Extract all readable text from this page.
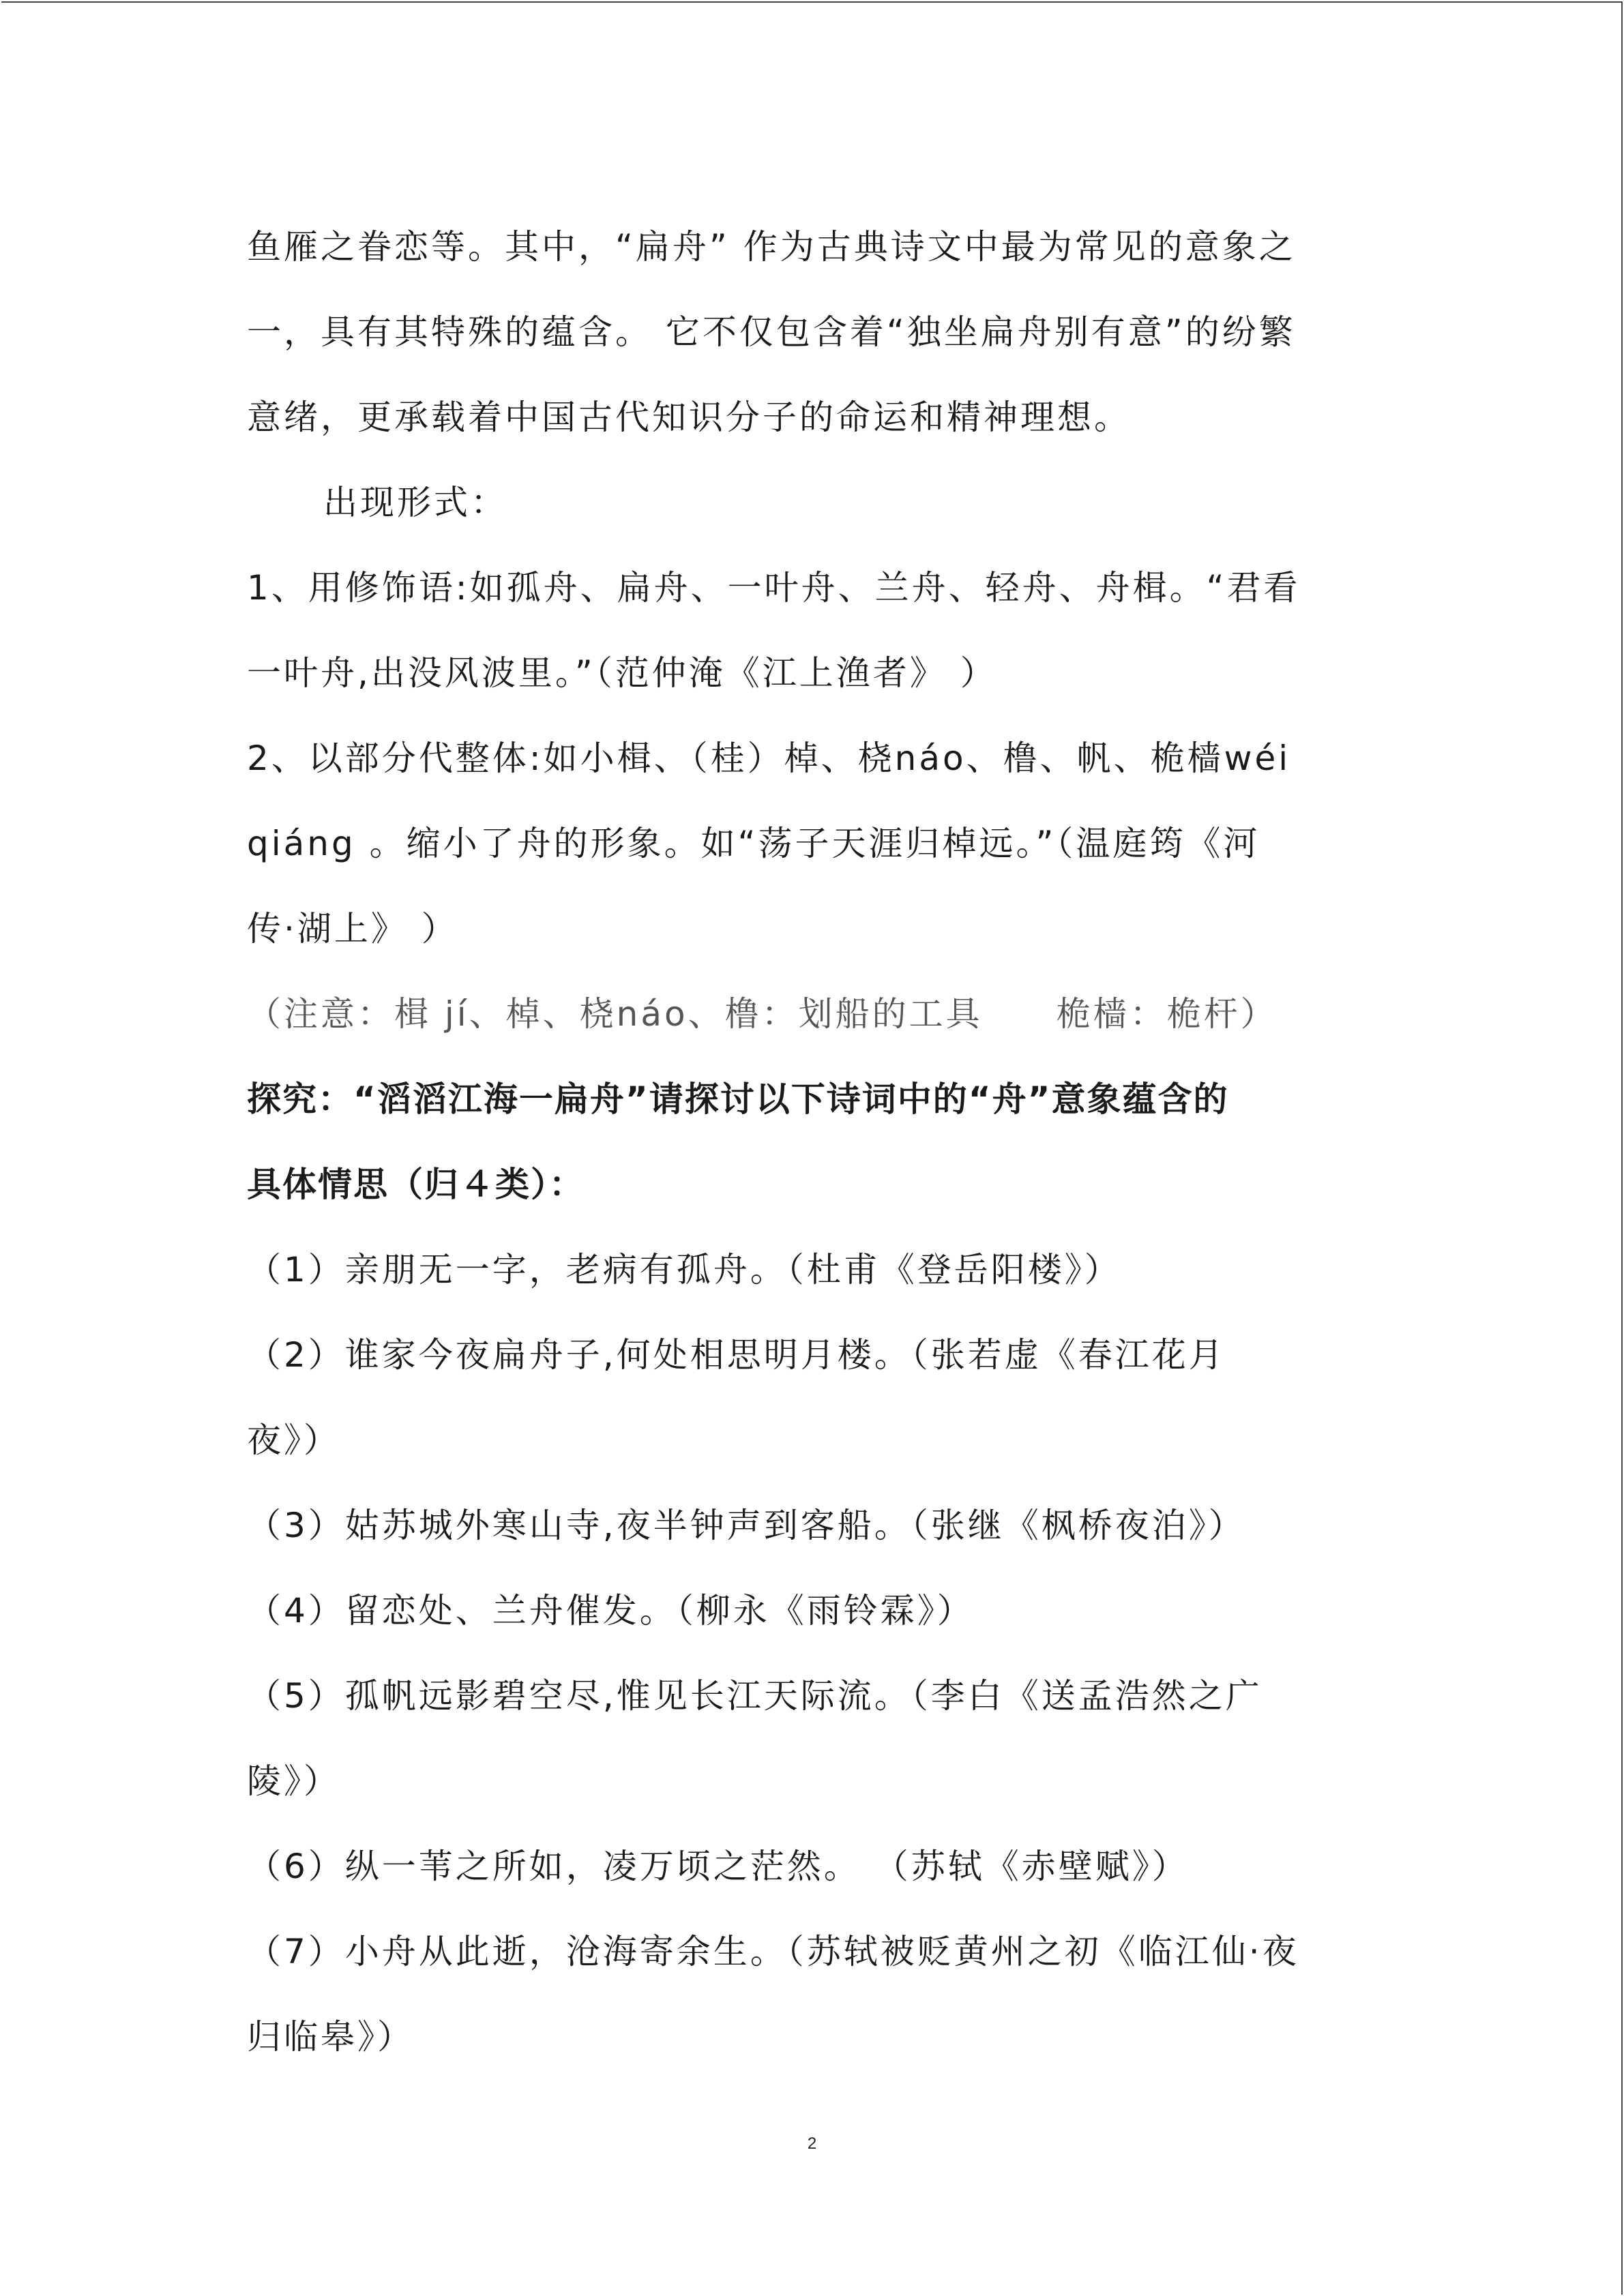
鱼雁之眷恋等。其中，“扁舟” 作为古典诗文中最为常见的意象之
一，具有其特殊的蕴含。 它不仅包含着“独坐扁舟别有意”的纷繁
意绪，更承载着中国古代知识分子的命运和精神理想。
出现形式：
1、用修饰语:如孤舟、扁舟、一叶舟、兰舟、轻舟、舟楫。“君看
一叶舟,出没风波里。”（范仲淹《江上渔者》 ）
2、以部分代整体:如小楫、（桂）棹、桡náo、橹、帆、桅樯wéi
qiáng 。缩小了舟的形象。如“荡子天涯归棹远。”（温庭筠《河
传·湖上》 ）
（注意：楫 jí、棹、桡náo、橹：划船的工具　　桅樯：桅杆）
探究：“滔滔江海一扁舟”请探讨以下诗词中的“舟”意象蕴含的
具体情思（归４类）：
（1）亲朋无一字，老病有孤舟。（杜甫《登岳阳楼》）
（2）谁家今夜扁舟子,何处相思明月楼。（张若虚《春江花月
夜》）
（3）姑苏城外寒山寺,夜半钟声到客船。（张继《枫桥夜泊》）
（4）留恋处、兰舟催发。（柳永《雨铃霖》）
（5）孤帆远影碧空尽,惟见长江天际流。（李白《送孟浩然之广
陵》）
（6）纵一苇之所如，凌万顷之茫然。 （苏轼《赤壁赋》）
（7）小舟从此逝，沧海寄余生。（苏轼被贬黄州之初《临江仙·夜
归临皋》）
2
